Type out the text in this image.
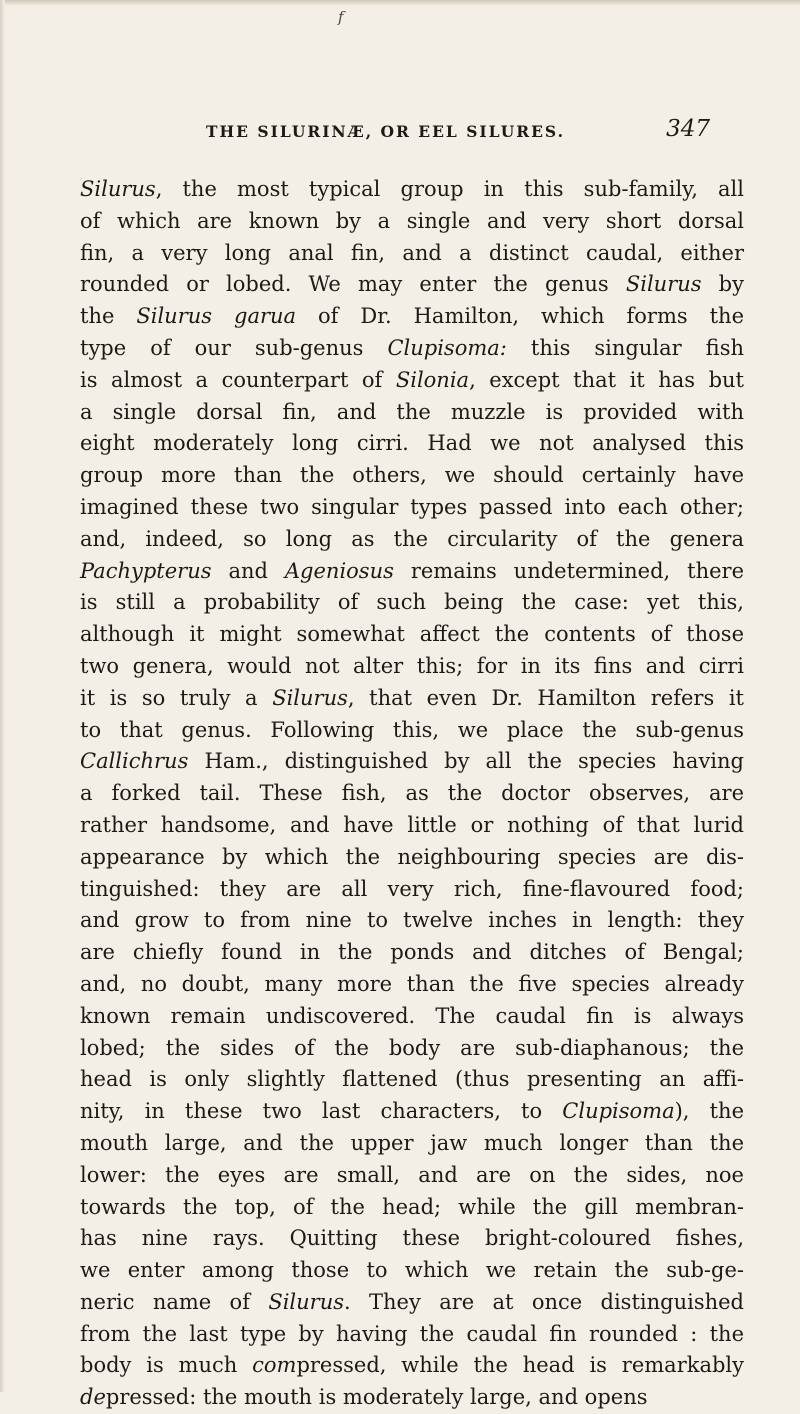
f
THE SILURINÆ, OR EEL SILURES.	347
Silurus, the most typical group in this sub-family, all
of which are known by a single and very short dorsal
fin, a very long anal fin, and a distinct caudal, either
rounded or lobed. We may enter the genus Silurus by
the Silurus garua of Dr. Hamilton, which forms the
type of our sub-genus Clupisoma: this singular fish
is almost a counterpart of Silonia, except that it has but
a single dorsal fin, and the muzzle is provided with
eight moderately long cirri. Had we not analysed this
group more than the others, we should certainly have
imagined these two singular types passed into each other;
and, indeed, so long as the circularity of the genera
Pachypterus and Ageniosus remains undetermined, there
is still a probability of such being the case: yet this,
although it might somewhat affect the contents of those
two genera, would not alter this; for in its fins and cirri
it is so truly a Silurus, that even Dr. Hamilton refers it
to that genus. Following this, we place the sub-genus
Callichrus Ham., distinguished by all the species having
a forked tail. These fish, as the doctor observes, are
rather handsome, and have little or nothing of that lurid
appearance by which the neighbouring species are dis-
tinguished: they are all very rich, fine-flavoured food;
and grow to from nine to twelve inches in length: they
are chiefly found in the ponds and ditches of Bengal;
and, no doubt, many more than the five species already
known remain undiscovered. The caudal fin is always
lobed; the sides of the body are sub-diaphanous; the
head is only slightly flattened (thus presenting an affi-
nity, in these two last characters, to Clupisoma), the
mouth large, and the upper jaw much longer than the
lower: the eyes are small, and are on the sides, noe
towards the top, of the head; while the gill membran-
has nine rays. Quitting these bright-coloured fishes,
we enter among those to which we retain the sub-ge-
neric name of Silurus. They are at once distinguished
from the last type by having the caudal fin rounded : the
body is much compressed, while the head is remarkably
depressed: the mouth is moderately large, and opens
